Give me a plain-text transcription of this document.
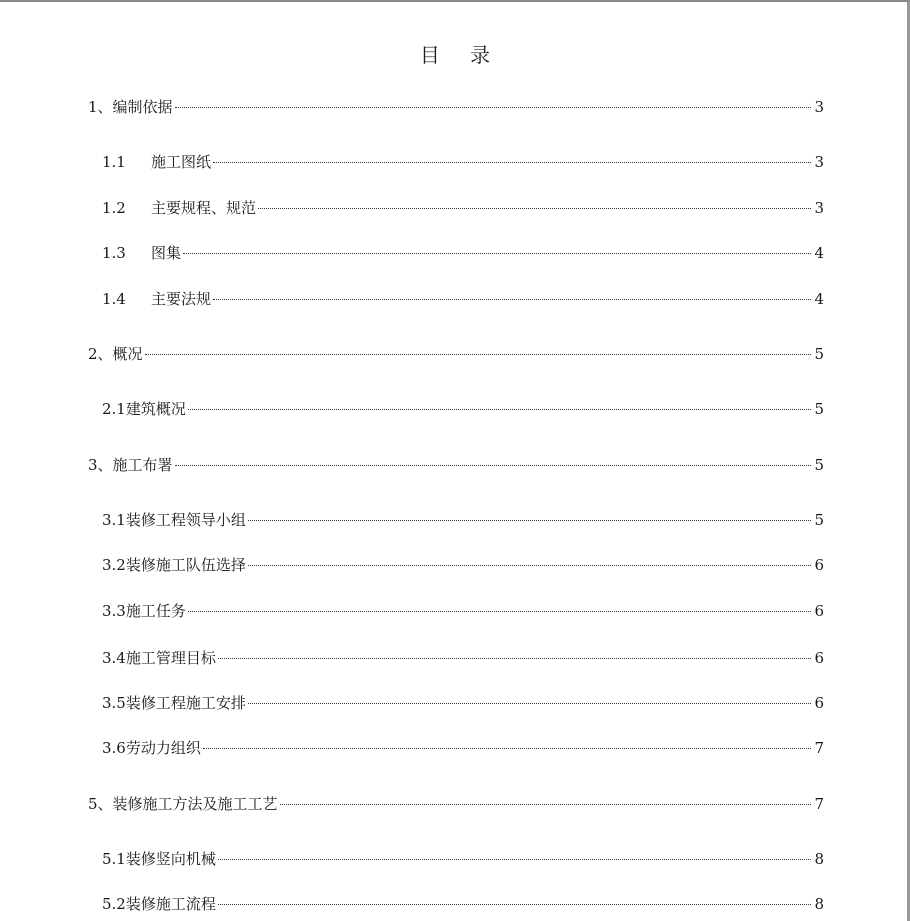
目 录
1、 编制依据	3
1.1	施工图纸	3
1.2	主要规程、规范	3
1.3	图集	4
1.4	主要法规	4
2、 概况	5
2.1 建筑概况	5
3、 施工布署	5
3.1 装修工程领导小组	5
3.2 装修施工队伍选择	6
3.3 施工任务	6
3.4 施工管理目标	6
3.5 装修工程施工安排	6
3.6 劳动力组织	7
5、 装修施工方法及施工工艺	7
5.1 装修竖向机械	8
5.2 装修施工流程	8
